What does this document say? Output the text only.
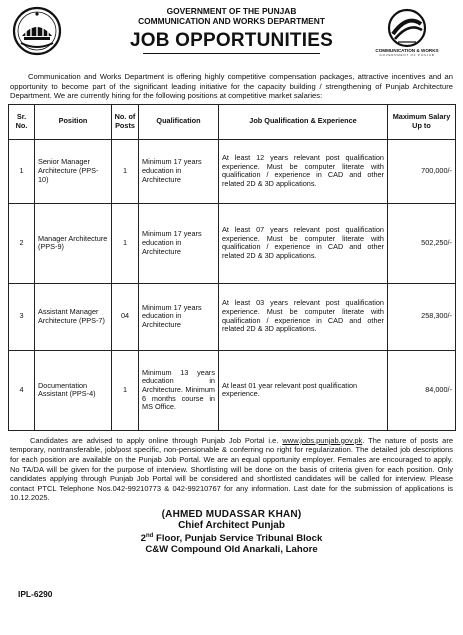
GOVERNMENT OF THE PUNJAB
COMMUNICATION AND WORKS DEPARTMENT
JOB OPPORTUNITIES	COMMUNICATION & WORKS
GOVERNMENT OF PUNJAB

Communication and Works Department is offering highly competitive compensation packages, attractive incentives and an opportunity to become part of the significant leading initiative for the capacity building / strengthening of Punjab Architecture Department. We are currently hiring for the following positions at competitive market salaries:

Sr. No.	Position	No. of Posts	Qualification	Job Qualification & Experience	Maximum Salary Up to
1	Senior Manager Architecture (PPS-10)	1	Minimum 17 years education in Architecture	At least 12 years relevant post qualification experience. Must be computer literate with qualification / experience in CAD and other related 2D & 3D applications.	700,000/-
2	Manager Architecture (PPS-9)	1	Minimum 17 years education in Architecture	At least 07 years relevant post qualification experience. Must be computer literate with qualification / experience in CAD and other related 2D & 3D applications.	502,250/-
3	Assistant Manager Architecture (PPS-7)	04	Minimum 17 years education in Architecture	At least 03 years relevant post qualification experience. Must be computer literate with qualification / experience in CAD and other related 2D & 3D applications.	258,300/-
4	Documentation Assistant (PPS-4)	1	Minimum 13 years education in Architecture. Minimum 6 months course in MS Office.	At least 01 year relevant post qualification experience.	84,000/-

Candidates are advised to apply online through Punjab Job Portal i.e. www.jobs.punjab.gov.pk. The nature of posts are temporary, nontransferable, job/post specific, non-pensionable & conferring no right for regularization. The detailed job descriptions for each position are available on the Punjab Job Portal. We are an equal opportunity employer. Females are encouraged to apply. No TA/DA will be given for the purpose of interview. Shortlisting will be done on the basis of criteria given for each position. Only candidates applying through Punjab Job Portal will be considered and shortlisted candidates will be called for interview. Please contact PTCL Telephone Nos.042-99210773 & 042-99210767 for any information. Last date for the submission of applications is 10.12.2025.

(AHMED MUDASSAR KHAN)
Chief Architect Punjab
2nd Floor, Punjab Service Tribunal Block
C&W Compound Old Anarkali, Lahore
IPL-6290
